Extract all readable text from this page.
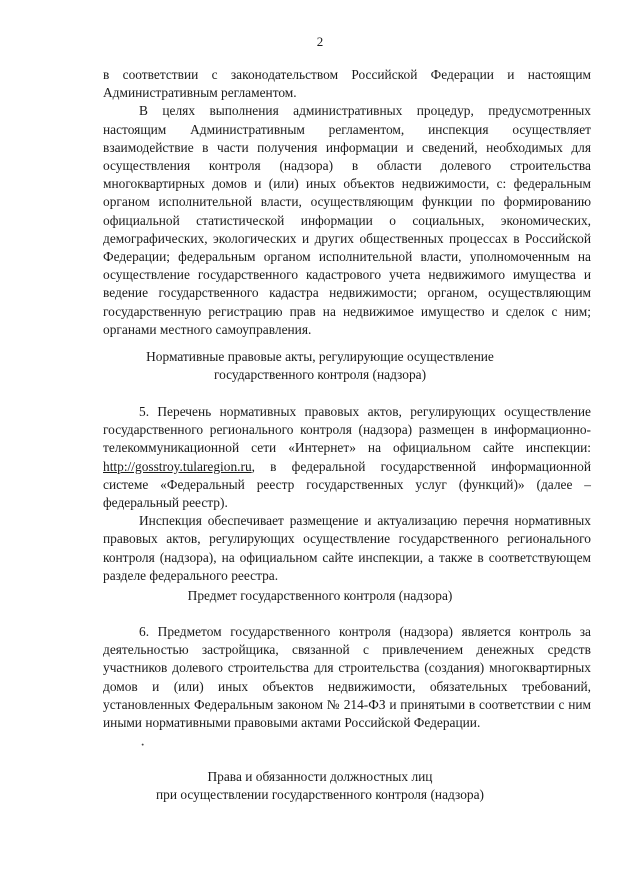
2

в соответствии с законодательством Российской Федерации и настоящим Административным регламентом.

В целях выполнения административных процедур, предусмотренных настоящим Административным регламентом, инспекция осуществляет взаимодействие в части получения информации и сведений, необходимых для осуществления контроля (надзора) в области долевого строительства многоквартирных домов и (или) иных объектов недвижимости, с: федеральным органом исполнительной власти, осуществляющим функции по формированию официальной статистической информации о социальных, экономических, демографических, экологических и других общественных процессах в Российской Федерации; федеральным органом исполнительной власти, уполномоченным на осуществление государственного кадастрового учета недвижимого имущества и ведение государственного кадастра недвижимости; органом, осуществляющим государственную регистрацию прав на недвижимое имущество и сделок с ним; органами местного самоуправления.

Нормативные правовые акты, регулирующие осуществление
государственного контроля (надзора)

5. Перечень нормативных правовых актов, регулирующих осуществление государственного регионального контроля (надзора) размещен в информационно-телекоммуникационной сети «Интернет» на официальном сайте инспекции: http://gosstroy.tularegion.ru, в федеральной государственной информационной системе «Федеральный реестр государственных услуг (функций)» (далее – федеральный реестр).

Инспекция обеспечивает размещение и актуализацию перечня нормативных правовых актов, регулирующих осуществление государственного регионального контроля (надзора), на официальном сайте инспекции, а также в соответствующем разделе федерального реестра.

Предмет государственного контроля (надзора)

6. Предметом государственного контроля (надзора) является контроль за деятельностью застройщика, связанной с привлечением денежных средств участников долевого строительства для строительства (создания) многоквартирных домов и (или) иных объектов недвижимости, обязательных требований, установленных Федеральным законом № 214-ФЗ и принятыми в соответствии с ним иными нормативными правовыми актами Российской Федерации.

·

Права и обязанности должностных лиц
при осуществлении государственного контроля (надзора)
